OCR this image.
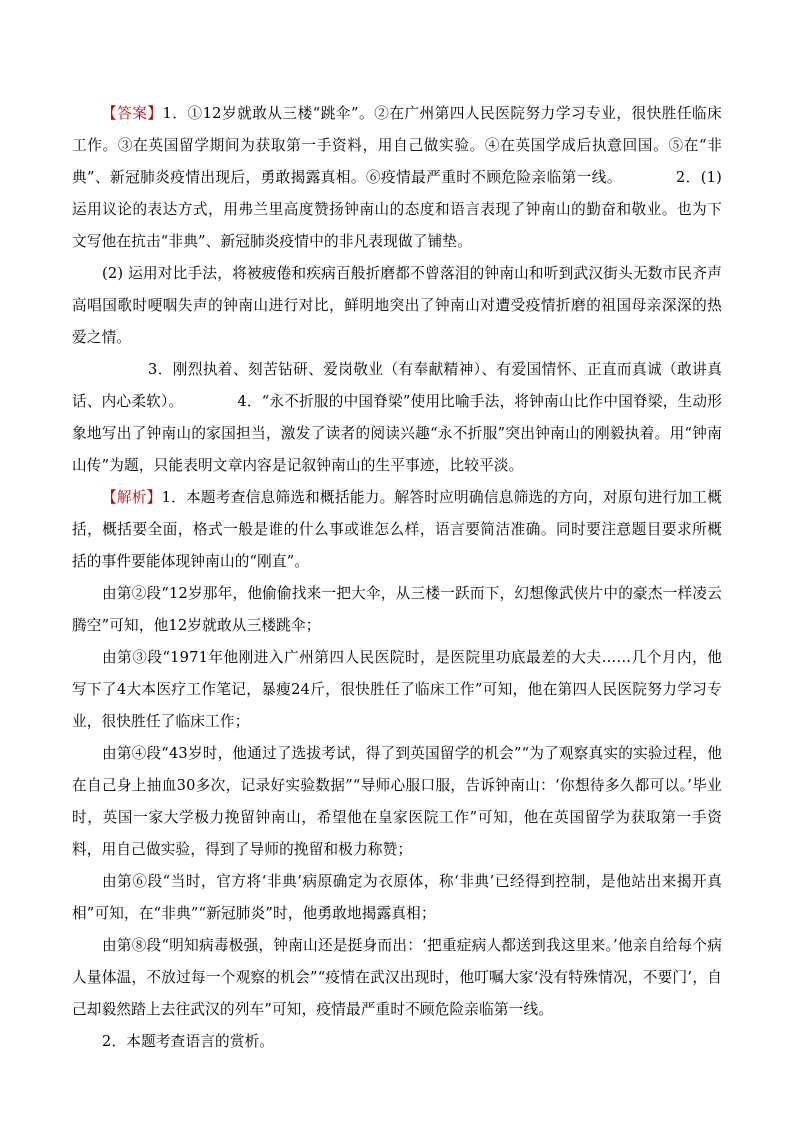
【答案】1．①12岁就敢从三楼“跳伞”。②在广州第四人民医院努力学习专业，很快胜任临床工作。③在英国留学期间为获取第一手资料，用自己做实验。④在英国学成后执意回国。⑤在“非典”、新冠肺炎疫情出现后，勇敢揭露真相。⑥疫情最严重时不顾危险亲临第一线。	2．(1) 运用议论的表达方式，用弗兰里高度赞扬钟南山的态度和语言表现了钟南山的勤奋和敬业。也为下文写他在抗击“非典”、新冠肺炎疫情中的非凡表现做了铺垫。

(2) 运用对比手法，将被疲倦和疾病百般折磨都不曾落泪的钟南山和听到武汉街头无数市民齐声高唱国歌时哽咽失声的钟南山进行对比，鲜明地突出了钟南山对遭受疫情折磨的祖国母亲深深的热爱之情。

3．刚烈执着、刻苦钻研、爱岗敬业（有奉献精神）、有爱国情怀、正直而真诚（敢讲真话、内心柔软）。	4．“永不折服的中国脊梁”使用比喻手法，将钟南山比作中国脊梁，生动形象地写出了钟南山的家国担当，激发了读者的阅读兴趣“永不折服”突出钟南山的刚毅执着。用“钟南山传”为题，只能表明文章内容是记叙钟南山的生平事迹，比较平淡。

【解析】1．本题考查信息筛选和概括能力。解答时应明确信息筛选的方向，对原句进行加工概括，概括要全面，格式一般是谁的什么事或谁怎么样，语言要简洁准确。同时要注意题目要求所概括的事件要能体现钟南山的“刚直”。

由第②段“12岁那年，他偷偷找来一把大伞，从三楼一跃而下，幻想像武侠片中的豪杰一样凌云腾空”可知，他12岁就敢从三楼跳伞；

由第③段“1971年他刚进入广州第四人民医院时，是医院里功底最差的大夫……几个月内，他写下了4大本医疗工作笔记，暴瘦24斤，很快胜任了临床工作”可知，他在第四人民医院努力学习专业，很快胜任了临床工作；

由第④段“43岁时，他通过了选拔考试，得了到英国留学的机会”“为了观察真实的实验过程，他在自己身上抽血30多次，记录好实验数据”“导师心服口服，告诉钟南山：‘你想待多久都可以。’毕业时，英国一家大学极力挽留钟南山，希望他在皇家医院工作”可知，他在英国留学为获取第一手资料，用自己做实验，得到了导师的挽留和极力称赞；

由第⑥段“当时，官方将‘非典’病原确定为衣原体，称‘非典’已经得到控制，是他站出来揭开真相”可知，在“非典”“新冠肺炎”时，他勇敢地揭露真相；

由第⑧段“明知病毒极强，钟南山还是挺身而出：‘把重症病人都送到我这里来。’他亲自给每个病人量体温，不放过每一个观察的机会”“疫情在武汉出现时，他叮嘱大家‘没有特殊情况，不要门’，自己却毅然踏上去往武汉的列车”可知，疫情最严重时不顾危险亲临第一线。

2．本题考查语言的赏析。
